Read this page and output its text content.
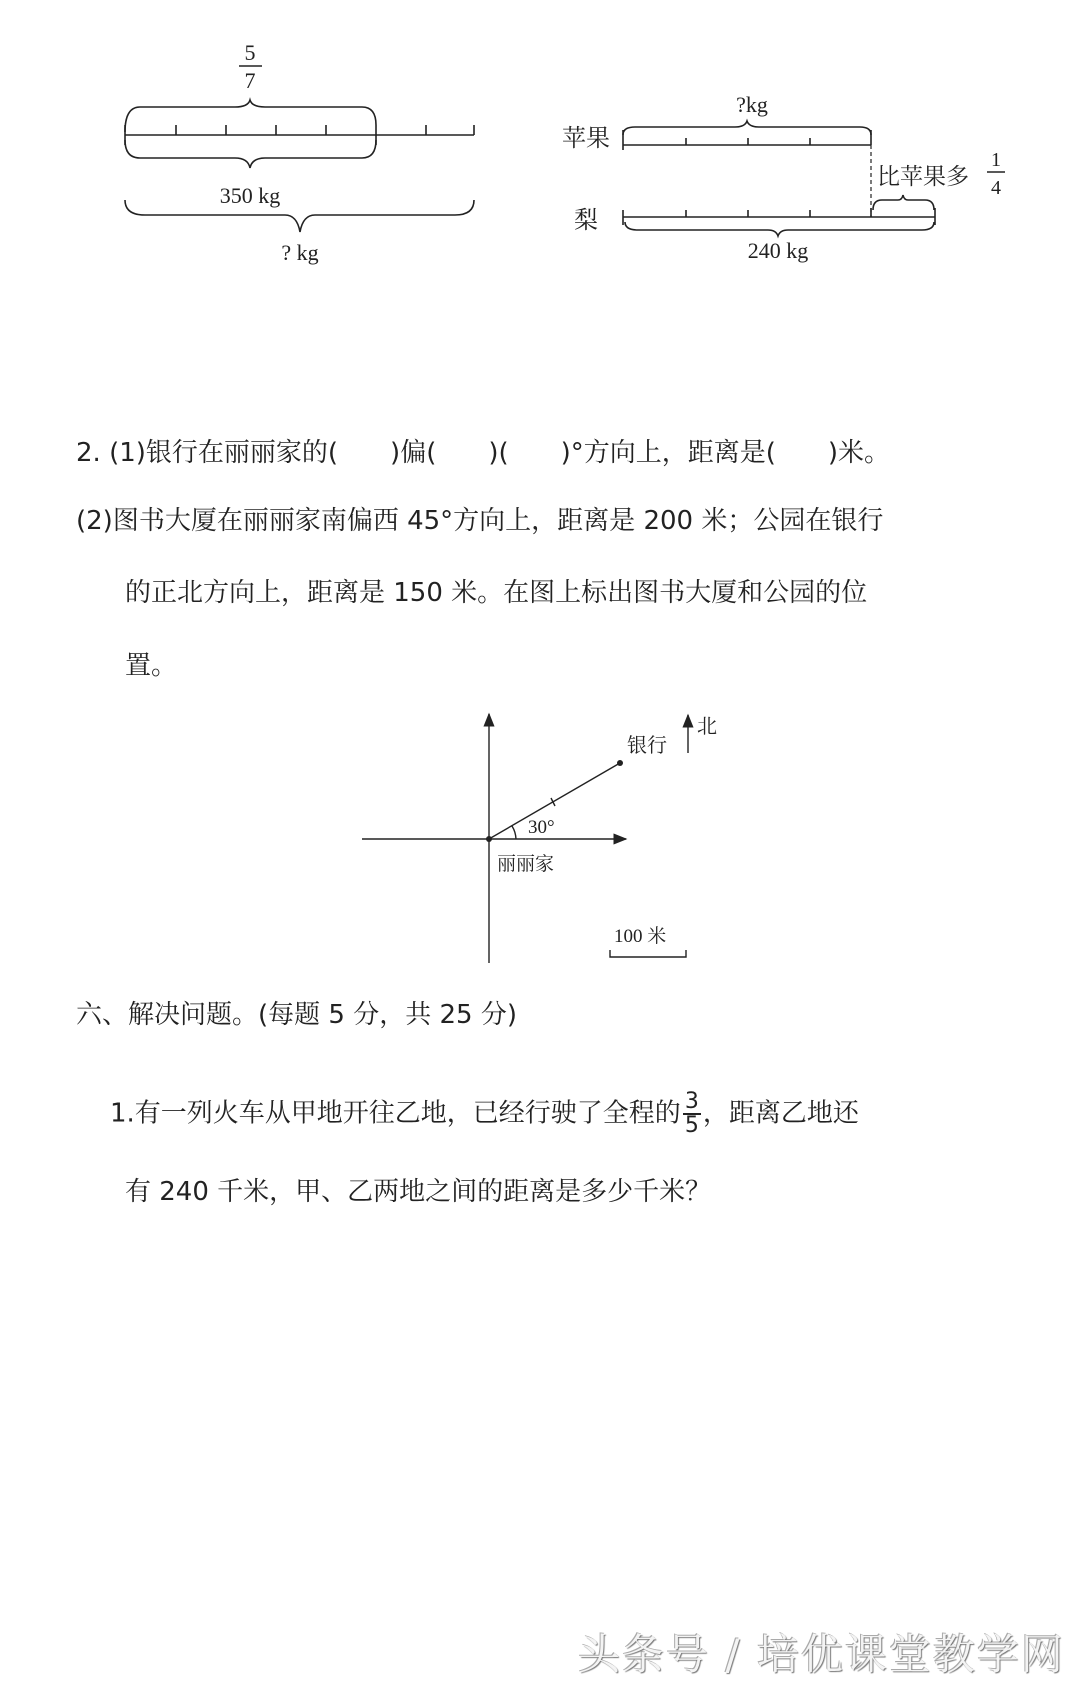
5
7
350 kg
? kg
苹果
梨
?kg
比苹果多
1
4
240 kg
2. (1)银行在丽丽家的(　　)偏(　　)(　　)°方向上，距离是(　　)米。
(2)图书大厦在丽丽家南偏西 45°方向上，距离是 200 米；公园在银行
的正北方向上，距离是 150 米。在图上标出图书大厦和公园的位
置。
银行
北
30°
丽丽家
100 米
六、解决问题。(每题 5 分，共 25 分)
1.有一列火车从甲地开往乙地，已经行驶了全程的 $\frac{3}{5}$ ，距离乙地还
有 240 千米，甲、乙两地之间的距离是多少千米？
头条号 / 培优课堂教学网
